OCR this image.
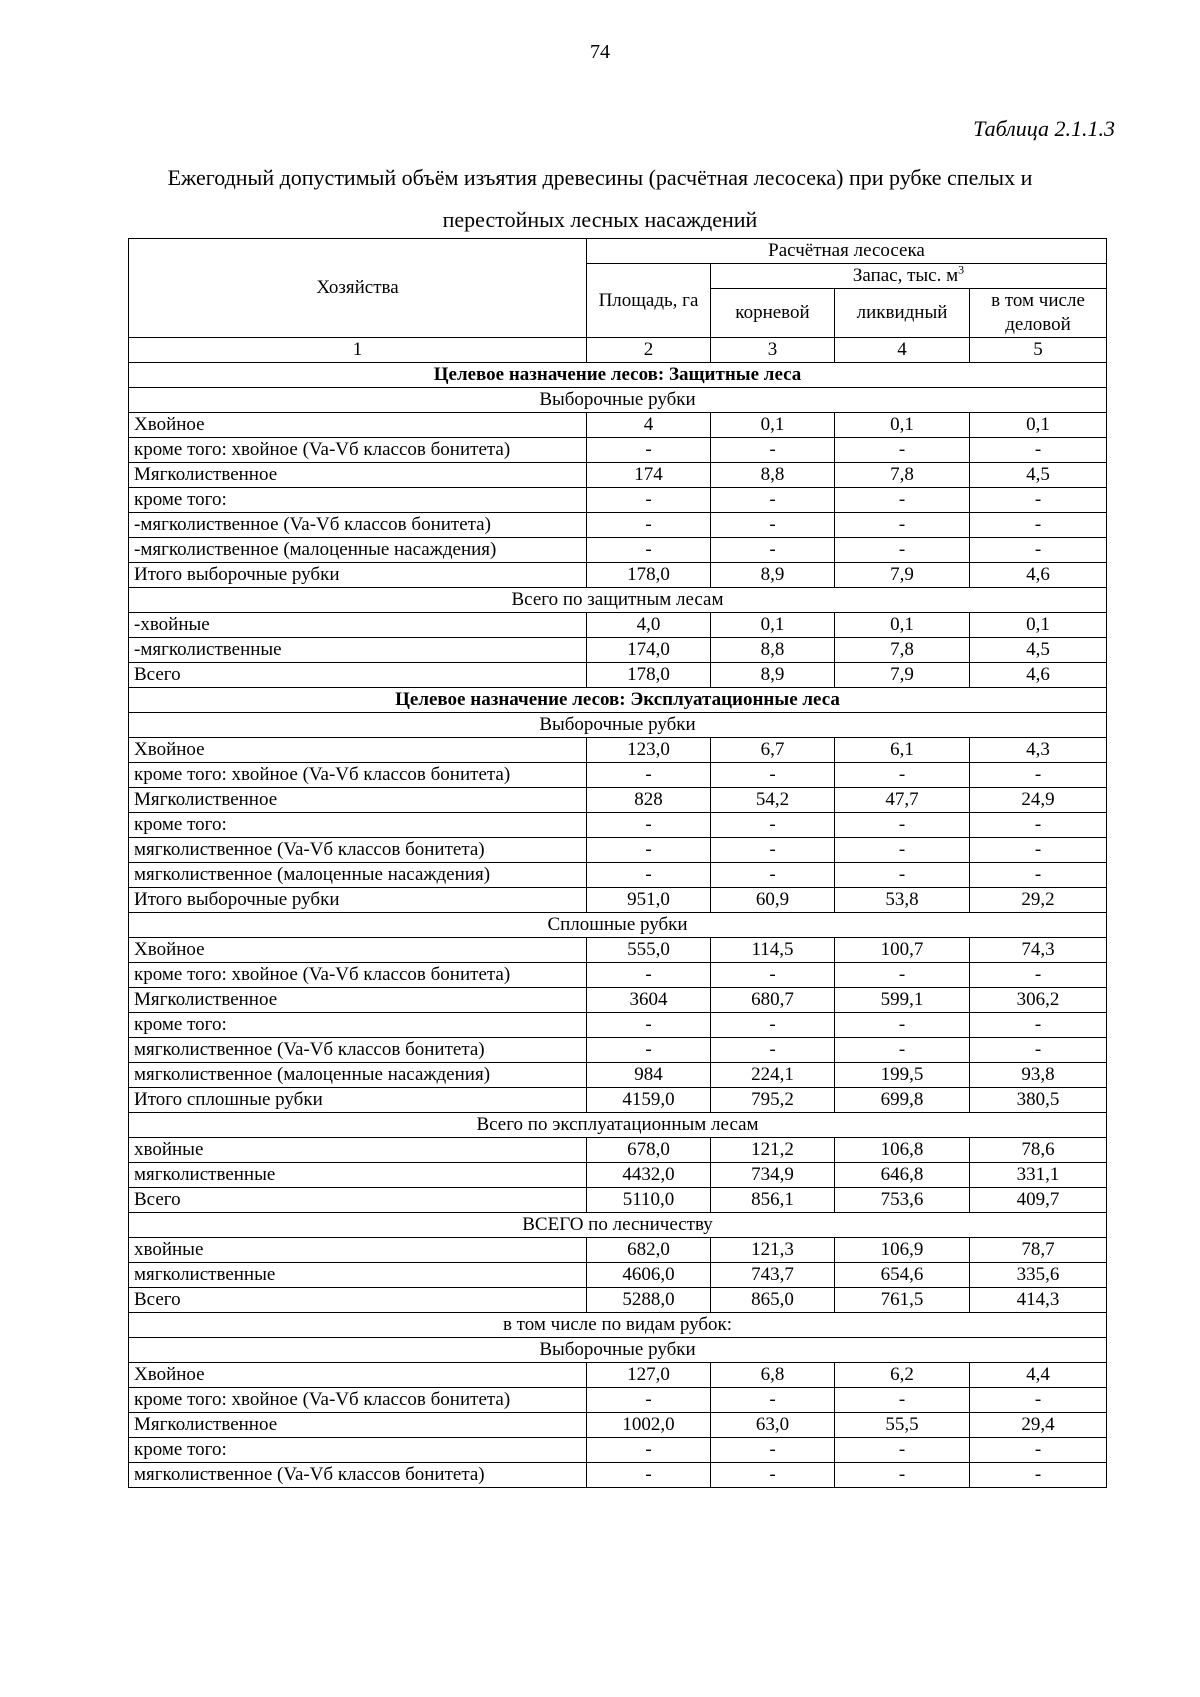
74
Таблица 2.1.1.3
Ежегодный допустимый объём изъятия древесины (расчётная лесосека) при рубке спелых и
перестойных лесных насаждений
Хозяйства	Расчётная лесосека			
	Площадь, га	Запас, тыс. $м^3$
		корневой	ликвидный	в том числе деловой
1	2	3	4	5
Целевое назначение лесов: Защитные леса				
Выборочные рубки				
Хвойное	4	0,1	0,1	0,1
кроме того: хвойное (Va-Vб классов бонитета)	-	-	-	-
Мягколиственное	174	8,8	7,8	4,5
кроме того:	-	-	-	-
-мягколиственное (Va-Vб классов бонитета)	-	-	-	-
-мягколиственное (малоценные насаждения)	-	-	-	-
Итого выборочные рубки	178,0	8,9	7,9	4,6
Всего по защитным лесам				
-хвойные	4,0	0,1	0,1	0,1
-мягколиственные	174,0	8,8	7,8	4,5
Всего	178,0	8,9	7,9	4,6
Целевое назначение лесов: Эксплуатационные леса				
Выборочные рубки				
Хвойное	123,0	6,7	6,1	4,3
кроме того: хвойное (Va-Vб классов бонитета)	-	-	-	-
Мягколиственное	828	54,2	47,7	24,9
кроме того:	-	-	-	-
мягколиственное (Va-Vб классов бонитета)	-	-	-	-
мягколиственное (малоценные насаждения)	-	-	-	-
Итого выборочные рубки	951,0	60,9	53,8	29,2
Сплошные рубки				
Хвойное	555,0	114,5	100,7	74,3
кроме того: хвойное (Va-Vб классов бонитета)	-	-	-	-
Мягколиственное	3604	680,7	599,1	306,2
кроме того:	-	-	-	-
мягколиственное (Va-Vб классов бонитета)	-	-	-	-
мягколиственное (малоценные насаждения)	984	224,1	199,5	93,8
Итого сплошные рубки	4159,0	795,2	699,8	380,5
Всего по эксплуатационным лесам				
хвойные	678,0	121,2	106,8	78,6
мягколиственные	4432,0	734,9	646,8	331,1
Всего	5110,0	856,1	753,6	409,7
ВСЕГО по лесничеству				
хвойные	682,0	121,3	106,9	78,7
мягколиственные	4606,0	743,7	654,6	335,6
Всего	5288,0	865,0	761,5	414,3
в том числе по видам рубок:				
Выборочные рубки				
Хвойное	127,0	6,8	6,2	4,4
кроме того: хвойное (Va-Vб классов бонитета)	-	-	-	-
Мягколиственное	1002,0	63,0	55,5	29,4
кроме того:	-	-	-	-
мягколиственное (Va-Vб классов бонитета)	-	-	-	-
